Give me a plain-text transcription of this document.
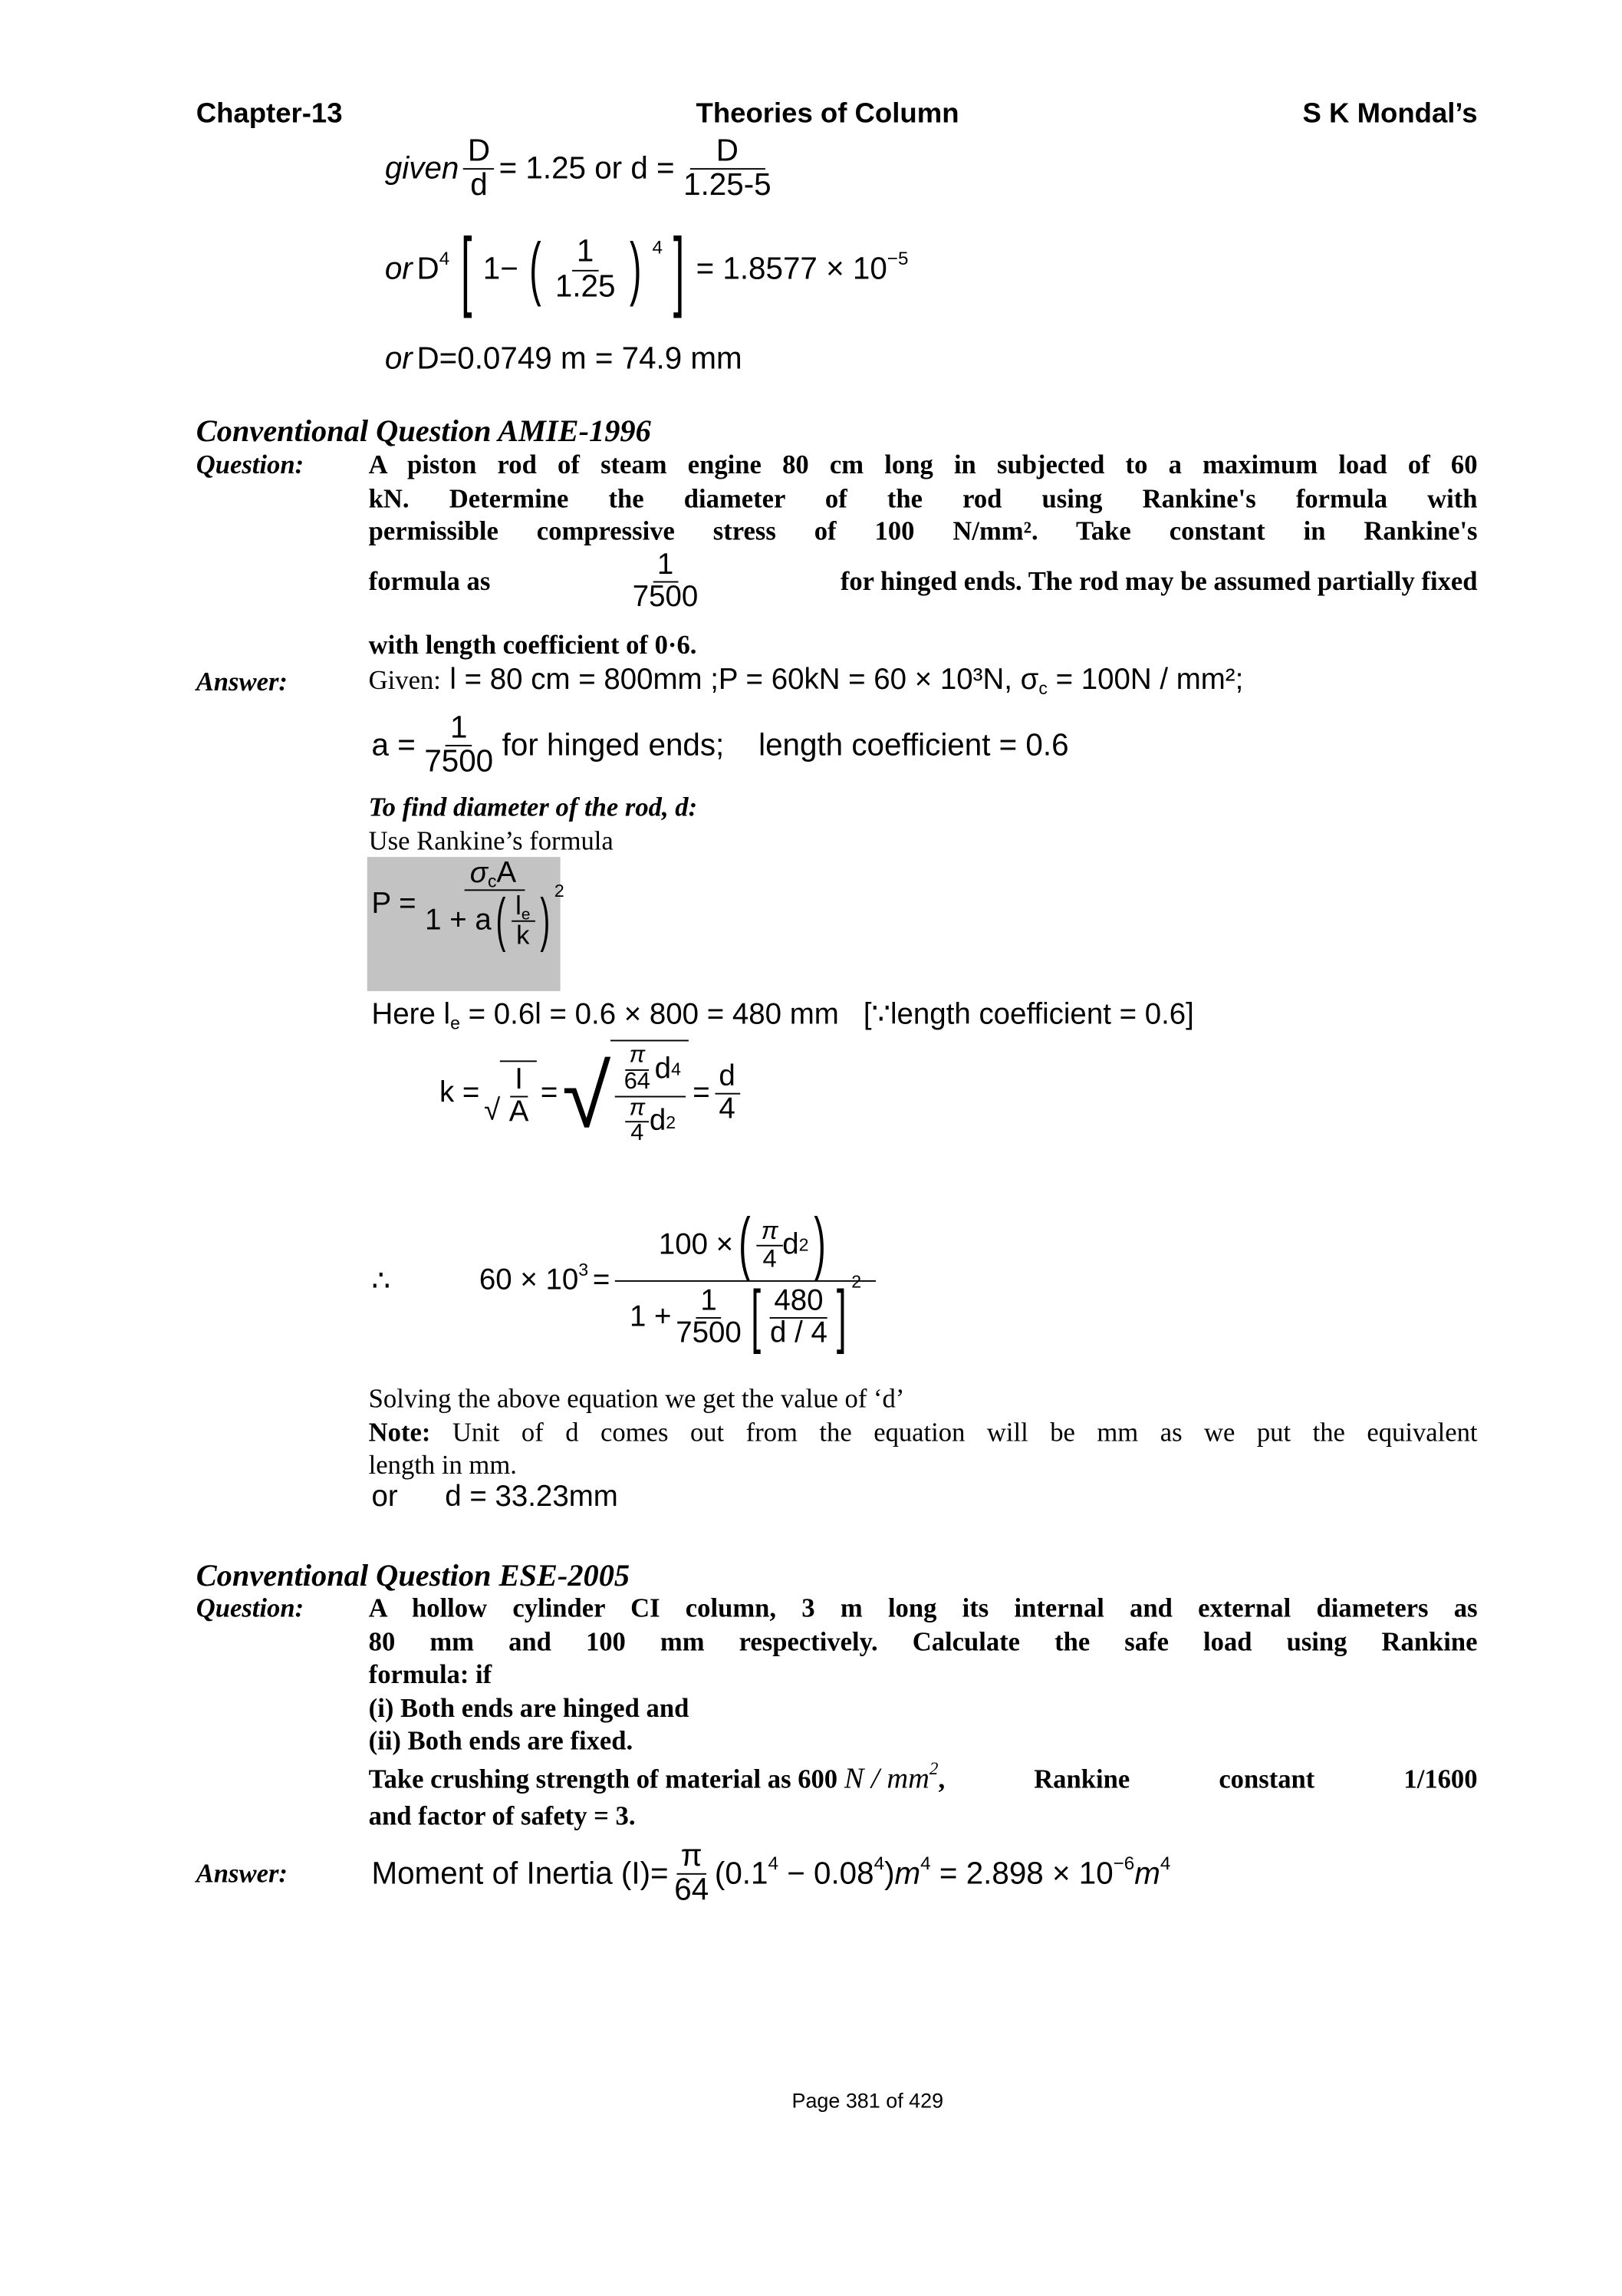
Chapter-13	Theories of Column	S K Mondal’s
given $\frac{D}{d} = 1.25$ or $d = \frac{D}{1.25-5}$
or $D^4$ [ 1− ( $\frac{1}{1.25}$ ) 4 ] = $1.8577 \times 10^{-5}$
or D=0.0749 m = 74.9 mm
Conventional Question AMIE-1996
Question:	A piston rod of steam engine 80 cm long in subjected to a maximum load of 60
kN. Determine the diameter of the rod using Rankine's formula with
permissible compressive stress of 100 N/mm². Take constant in Rankine's
formula as	$\frac{1}{7500}$	for hinged ends. The rod may be assumed partially fixed
with length coefficient of 0·6.
Answer:	Given: l = 80 cm = 800mm ;P = 60kN = 60 × 10³N, $\sigma_c = 100N / mm^2$;
$a = \frac{1}{7500}$ for hinged ends;    length coefficient = 0.6
To find diameter of the rod, d:
Use Rankine’s formula
$P = \frac{\sigma_cA}{1 + a ( \frac{l_e}{k} ) 2}$
Here $l_e = 0.6l = 0.6 \times 800 = 480$ mm   [∵length coefficient = 0.6]
k =
√ $\frac{I}{A}$ = √ $\frac{\frac{\pi}{64} d 4}{\frac{\pi}{4} d 2} = \frac{d}{4}$
∴	$60 \times 10^3 = \frac{100 \times ( \frac{\pi}{4} d 2 )}{1 + \frac{1}{7500} [ \frac{480}{d / 4} ] 2}$
Solving the above equation we get the value of ‘d’
Note: Unit of d comes out from the equation will be mm as we put the equivalent
length in mm.
or	d = 33.23mm
Conventional Question ESE-2005
Question:	A hollow cylinder CI column, 3 m long its internal and external diameters as
80 mm and 100 mm respectively. Calculate the safe load using Rankine
formula: if
(i) Both ends are hinged and
(ii) Both ends are fixed.
Take crushing strength of material as 600 N / $mm^2$ , Rankine constant 1/1600
and factor of safety = 3.
Answer:	Moment of Inertia $(I)= \frac{\pi}{64} (0.1^4 - 0.08^4)m^4 = 2.898 \times 10^{-6}m^4$
Page 381 of 429
